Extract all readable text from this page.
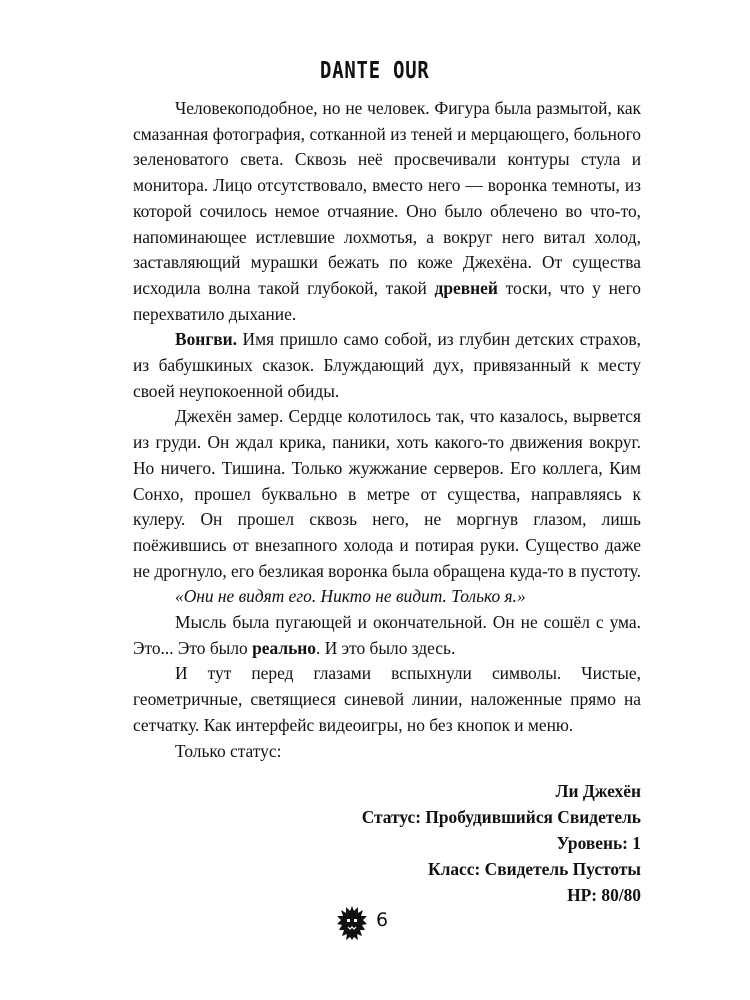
DANTE OUR

Человекоподобное, но не человек. Фигура была размытой, как смазанная фотография, сотканной из теней и мерцающего, больного зеленоватого света. Сквозь неё просвечивали контуры стула и монитора. Лицо отсутствовало, вместо него — воронка темноты, из которой сочилось немое отчаяние. Оно было облечено во что-то, напоминающее истлевшие лохмотья, а вокруг него витал холод, заставляющий мурашки бежать по коже Джехёна. От существа исходила волна такой глубокой, такой древней тоски, что у него перехватило дыхание.

Вонгви. Имя пришло само собой, из глубин детских страхов, из бабушкиных сказок. Блуждающий дух, привязанный к месту своей неупокоенной обиды.

Джехён замер. Сердце колотилось так, что казалось, вырвется из груди. Он ждал крика, паники, хоть какого-то движения вокруг. Но ничего. Тишина. Только жужжание серверов. Его коллега, Ким Сонхо, прошел буквально в метре от существа, направляясь к кулеру. Он прошел сквозь него, не моргнув глазом, лишь поёжившись от внезапного холода и потирая руки. Существо даже не дрогнуло, его безликая воронка была обращена куда-то в пустоту.

«Они не видят его. Никто не видит. Только я.»

Мысль была пугающей и окончательной. Он не сошёл с ума. Это... Это было реально. И это было здесь.

И тут перед глазами вспыхнули символы. Чистые, геометричные, светящиеся синевой линии, наложенные прямо на сетчатку. Как интерфейс видеоигры, но без кнопок и меню.

Только статус:

Ли Джехён
Статус: Пробудившийся Свидетель
Уровень: 1
Класс: Свидетель Пустоты
HP: 80/80
6
